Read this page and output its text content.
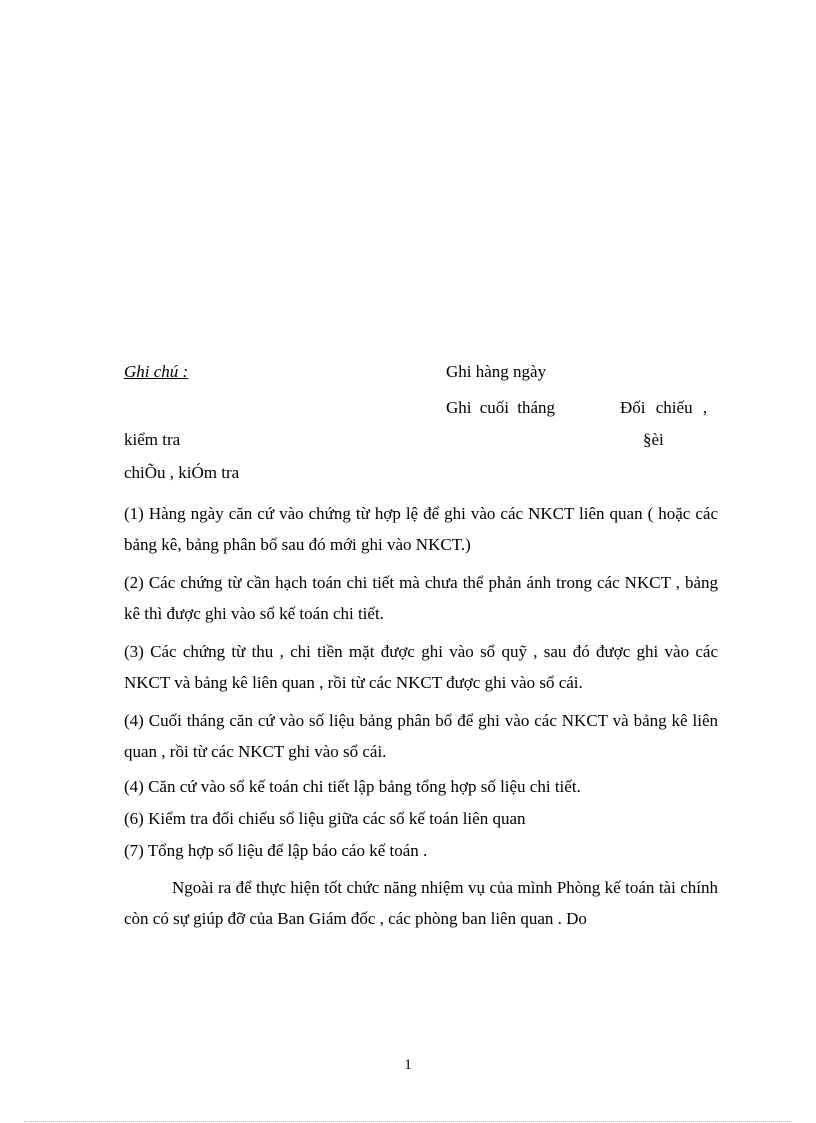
Ghi chú :	Ghi hàng ngày
Ghi cuối tháng	Đối chiếu ,
kiểm tra	§èi
chiÕu , kiÓm tra

(1) Hàng ngày căn cứ vào chứng từ hợp lệ để ghi vào các NKCT liên quan ( hoặc các bảng kê, bảng phân bổ sau đó mới ghi vào NKCT.)

(2) Các chứng từ cần hạch toán chi tiết mà chưa thể phản ánh trong các NKCT , bảng kê thì được ghi vào sổ kế toán chi tiết.

(3) Các chứng từ thu , chi tiền mặt được ghi vào sổ quỹ , sau đó được ghi vào các NKCT và bảng kê liên quan , rồi từ các NKCT được ghi vào sổ cái.

(4) Cuối tháng căn cứ vào số liệu bảng phân bổ để ghi vào các NKCT và bảng kê liên quan , rồi từ các NKCT ghi vào sổ cái.

(4) Căn cứ vào sổ kế toán chi tiết lập bảng tổng hợp số liệu chi tiết.

(6) Kiểm tra đối chiếu số liệu giữa các sổ kế toán liên quan

(7) Tổng hợp số liệu để lập báo cáo kế toán .

Ngoài ra để thực hiện tốt chức năng nhiệm vụ của mình Phòng kế toán tài chính còn có sự giúp đỡ của Ban Giám đốc , các phòng ban liên quan . Do

1
